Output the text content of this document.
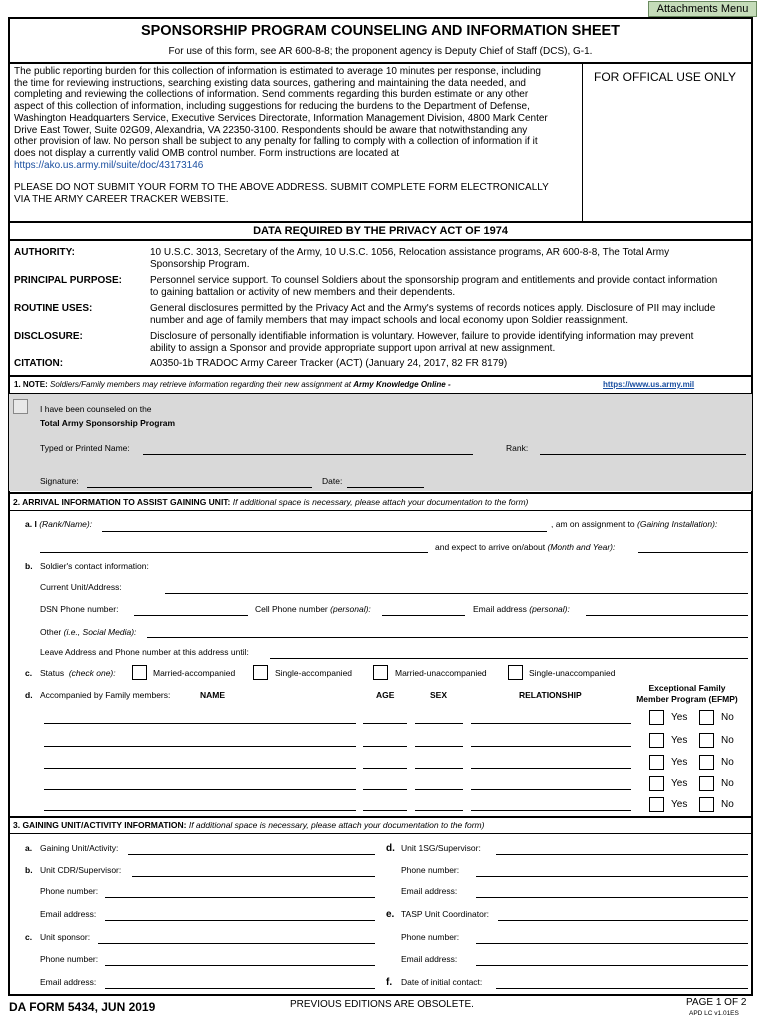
Attachments Menu
SPONSORSHIP PROGRAM COUNSELING AND INFORMATION SHEET
For use of this form, see AR 600-8-8; the proponent agency is Deputy Chief of Staff (DCS), G-1.
The public reporting burden for this collection of information is estimated to average 10 minutes per response, including
the time for reviewing instructions, searching existing data sources, gathering and maintaining the data needed, and
completing and reviewing the collections of information. Send comments regarding this burden estimate or any other
aspect of this collection of information, including suggestions for reducing the burdens to the Department of Defense,
Washington Headquarters Service, Executive Services Directorate, Information Management Division, 4800 Mark Center
Drive East Tower, Suite 02G09, Alexandria, VA 22350-3100. Respondents should be aware that notwithstanding any
other provision of law. No person shall be subject to any penalty for falling to comply with a collection of information if it
does not display a currently valid OMB control number. Form instructions are located at
https://ako.us.army.mil/suite/doc/43173146
PLEASE DO NOT SUBMIT YOUR FORM TO THE ABOVE ADDRESS. SUBMIT COMPLETE FORM ELECTRONICALLY
VIA THE ARMY CAREER TRACKER WEBSITE.
FOR OFFICAL USE ONLY
DATA REQUIRED BY THE PRIVACY ACT OF 1974
AUTHORITY:	10 U.S.C. 3013, Secretary of the Army, 10 U.S.C. 1056, Relocation assistance programs, AR 600-8-8, The Total Army
Sponsorship Program.
PRINCIPAL PURPOSE:	Personnel service support. To counsel Soldiers about the sponsorship program and entitlements and provide contact information
to gaining battalion or activity of new members and their dependents.
ROUTINE USES:	General disclosures permitted by the Privacy Act and the Army's systems of records notices apply. Disclosure of PII may include
number and age of family members that may impact schools and local economy upon Soldier reassignment.
DISCLOSURE:	Disclosure of personally identifiable information is voluntary. However, failure to provide identifying information may prevent
ability to assign a Sponsor and provide appropriate support upon arrival at new assignment.
CITATION:	A0350-1b TRADOC Army Career Tracker (ACT) (January 24, 2017, 82 FR 8179)
1. NOTE: Soldiers/Family members may retrieve information regarding their new assignment at Army Knowledge Online -	https://www.us.army.mil
I have been counseled on the
Total Army Sponsorship Program
Typed or Printed Name:	Rank:
Signature:	Date:
2. ARRIVAL INFORMATION TO ASSIST GAINING UNIT: If additional space is necessary, please attach your documentation to the form)
a. I (Rank/Name):	, am on assignment to (Gaining Installation):
and expect to arrive on/about (Month and Year):
b. Soldier's contact information:
Current Unit/Address:
DSN Phone number:	Cell Phone number (personal):	Email address (personal):
Other (i.e., Social Media):
Leave Address and Phone number at this address until:
c. Status (check one):	Married-accompanied	Single-accompanied	Married-unaccompanied	Single-unaccompanied
d. Accompanied by Family members:	NAME	AGE	SEX	RELATIONSHIP
Exceptional Family
Member Program (EFMP)
Yes	No
Yes	No
Yes	No
Yes	No
Yes	No
3. GAINING UNIT/ACTIVITY INFORMATION: If additional space is necessary, please attach your documentation to the form)
a. Gaining Unit/Activity:
b. Unit CDR/Supervisor:
Phone number:
Email address:
c. Unit sponsor:
Phone number:
Email address:
d. Unit 1SG/Supervisor:
Phone number:
Email address:
e. TASP Unit Coordinator:
Phone number:
Email address:
f. Date of initial contact:
DA FORM 5434, JUN 2019	PREVIOUS EDITIONS ARE OBSOLETE.	PAGE 1 OF 2
APD LC v1.01ES
